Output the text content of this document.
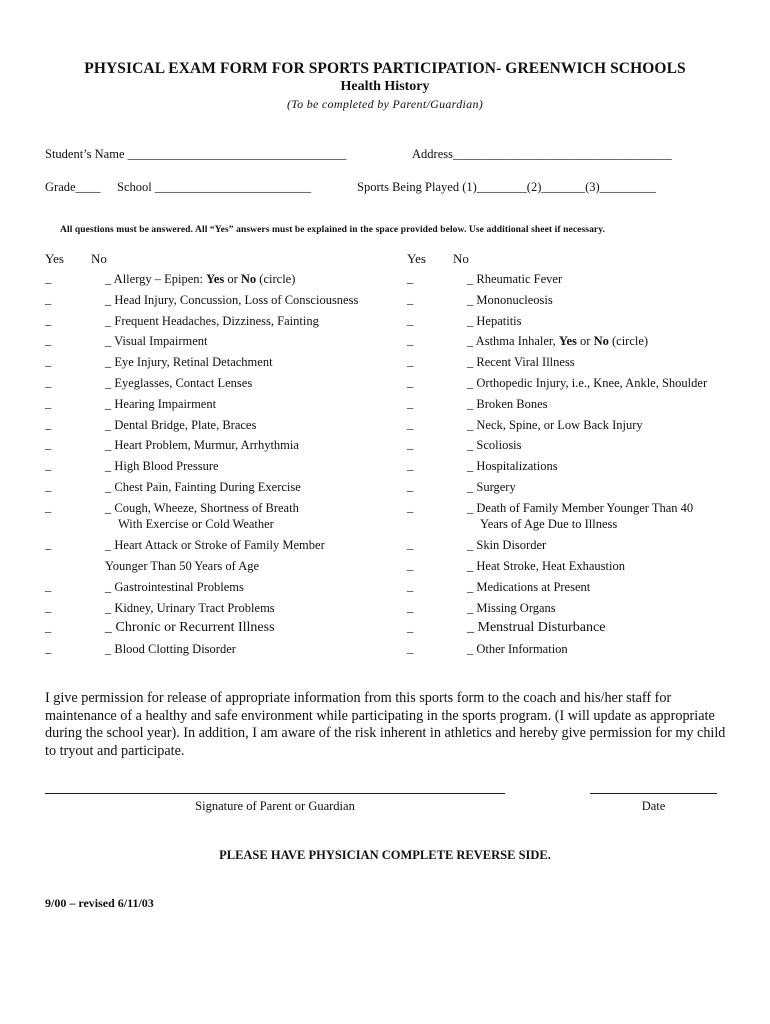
PHYSICAL EXAM FORM FOR SPORTS PARTICIPATION- GREENWICH SCHOOLS
Health History
(To be completed by Parent/Guardian)
Student’s Name ___________________________________	Address___________________________________
Grade____ School _________________________	Sports Being Played (1)________(2)_______(3)_________
All questions must be answered. All “Yes” answers must be explained in the space provided below. Use additional sheet if necessary.
Yes No	Yes No
_	_ Allergy – Epipen: Yes or No (circle)
_	_ Head Injury, Concussion, Loss of Consciousness
_	_ Frequent Headaches, Dizziness, Fainting
_	_ Visual Impairment
_	_ Eye Injury, Retinal Detachment
_	_ Eyeglasses, Contact Lenses
_	_ Hearing Impairment
_	_ Dental Bridge, Plate, Braces
_	_ Heart Problem, Murmur, Arrhythmia
_	_ High Blood Pressure
_	_ Chest Pain, Fainting During Exercise
_	_ Cough, Wheeze, Shortness of Breath
With Exercise or Cold Weather
_	_ Heart Attack or Stroke of Family Member
Younger Than 50 Years of Age
_	_ Gastrointestinal Problems
_	_ Kidney, Urinary Tract Problems
_	_ Chronic or Recurrent Illness
_	_ Blood Clotting Disorder
_	_ Rheumatic Fever
_	_ Mononucleosis
_	_ Hepatitis
_	_ Asthma Inhaler, Yes or No (circle)
_	_ Recent Viral Illness
_	_ Orthopedic Injury, i.e., Knee, Ankle, Shoulder
_	_ Broken Bones
_	_ Neck, Spine, or Low Back Injury
_	_ Scoliosis
_	_ Hospitalizations
_	_ Surgery
_	_ Death of Family Member Younger Than 40
Years of Age Due to Illness
_	_ Skin Disorder
_	_ Heat Stroke, Heat Exhaustion
_	_ Medications at Present
_	_ Missing Organs
_	_ Menstrual Disturbance
_	_ Other Information
I give permission for release of appropriate information from this sports form to the coach and his/her staff for maintenance of a healthy and safe environment while participating in the sports program. (I will update as appropriate during the school year). In addition, I am aware of the risk inherent in athletics and hereby give permission for my child to tryout and participate.
Signature of Parent or Guardian	Date
PLEASE HAVE PHYSICIAN COMPLETE REVERSE SIDE.
9/00 – revised 6/11/03
